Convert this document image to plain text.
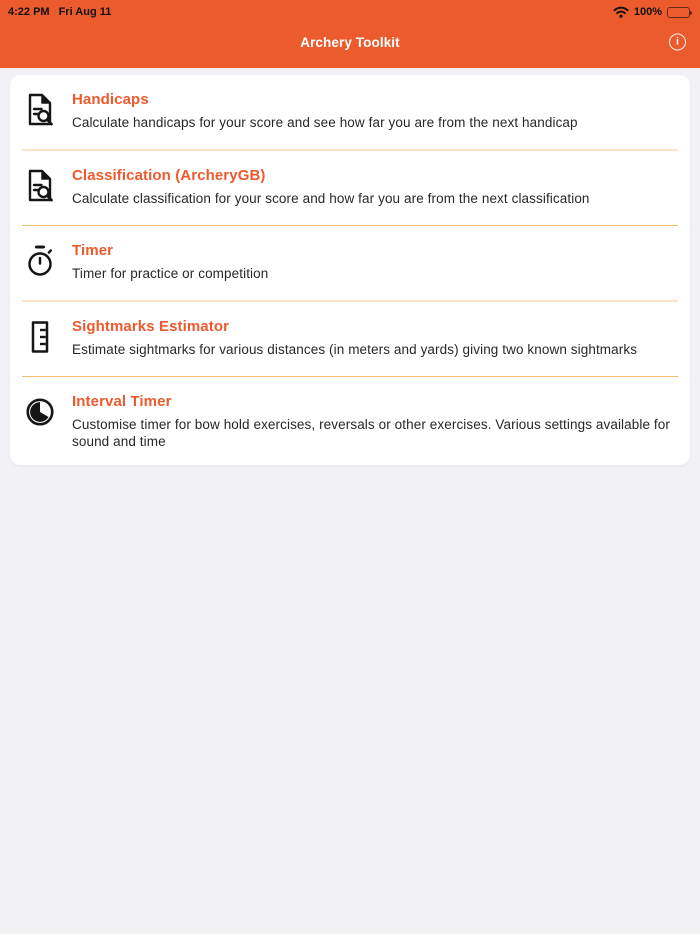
4:22 PM Fri Aug 11	100%
Archery Toolkit	i
Handicaps
Calculate handicaps for your score and see how far you are from the next handicap
Classification (ArcheryGB)
Calculate classification for your score and how far you are from the next classification
Timer
Timer for practice or competition
Sightmarks Estimator
Estimate sightmarks for various distances (in meters and yards) giving two known sightmarks
Interval Timer
Customise timer for bow hold exercises, reversals or other exercises. Various settings available for sound and time
